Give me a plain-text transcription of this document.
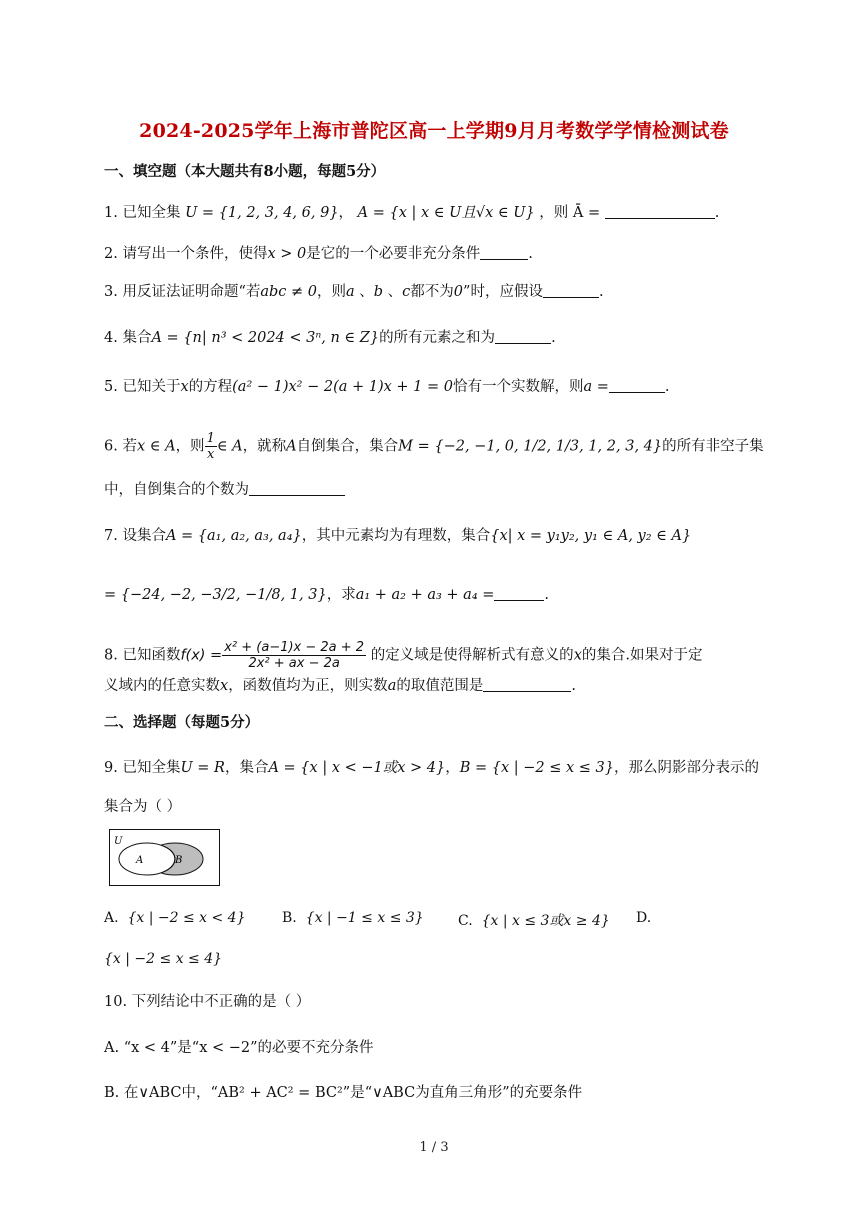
2024-2025学年上海市普陀区高一上学期9月月考数学学情检测试卷
一、填空题（本大题共有8小题，每题5分）
1. 已知全集 U = {1, 2, 3, 4, 6, 9}， A = {x | x ∈ U且√x ∈ U} ，则 Ā =	.
2. 请写出一个条件，使得x > 0是它的一个必要非充分条件	.
3. 用反证法证明命题“若abc ≠ 0，则a 、b 、c都不为0”时，应假设	.
4. 集合A = {n| n³ < 2024 < 3ⁿ, n ∈ Z}的所有元素之和为	.
5. 已知关于x的方程(a² − 1)x² − 2(a + 1)x + 1 = 0恰有一个实数解，则a =	.
6. 若x ∈ A，则 $\frac{1}{x}$ ∈ A，就称A自倒集合，集合M = {−2, −1, 0, 1/2, 1/3, 1, 2, 3, 4}的所有非空子集
中，自倒集合的个数为
7. 设集合A = {a₁, a₂, a₃, a₄}，其中元素均为有理数，集合{x| x = y₁y₂, y₁ ∈ A, y₂ ∈ A}
= {−24, −2, −3/2, −1/8, 1, 3}，求a₁ + a₂ + a₃ + a₄ =	.
8. 已知函数$f(x) = \frac{\text{x² + (a−1)x − 2a + 2}}{\text{2x² + ax − 2a}}$ 的定义域是使得解析式有意义的x的集合.如果对于定
义域内的任意实数x，函数值均为正，则实数a的取值范围是	.
二、选择题（每题5分）
9. 已知全集U = R，集合A = {x | x < −1或x > 4}，B = {x | −2 ≤ x ≤ 3}，那么阴影部分表示的
集合为（ ）
U
A	B
A. {x | −2 ≤ x < 4}	B. {x | −1 ≤ x ≤ 3} C. {x | x ≤ 3或x ≥ 4} D.
{x | −2 ≤ x ≤ 4}
10. 下列结论中不正确的是（ ）
A. “x < 4”是“x < −2”的必要不充分条件
B. 在∨ABC中，“AB² + AC² = BC²”是“∨ABC为直角三角形”的充要条件
1 / 3
